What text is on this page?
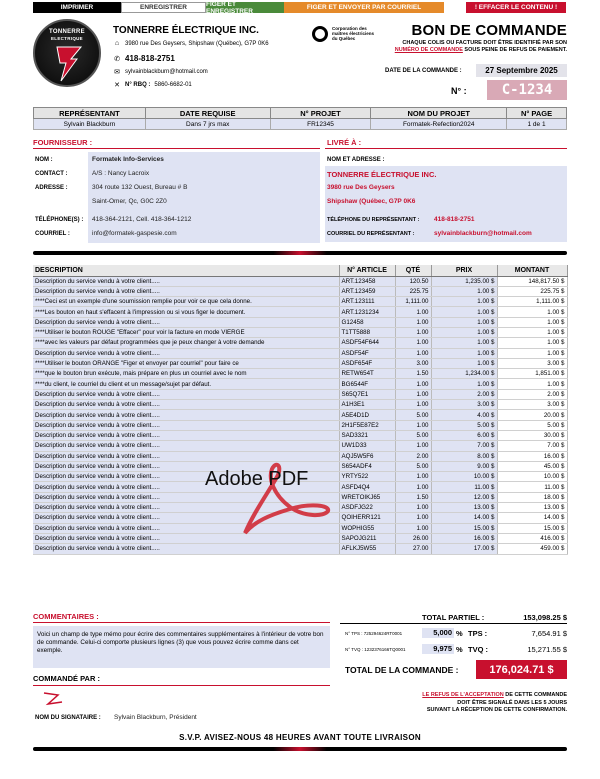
IMPRIMER	ENREGISTRER	FIGER ET ENREGISTRER	FIGER ET ENVOYER PAR COURRIEL	! EFFACER LE CONTENU !
TONNERRE
ELECTRIQUE
TONNERRE ÉLECTRIQUE INC.
⌂ 3980 rue Des Geysers, Shipshaw (Québec), G7P 0K6
✆ 418-818-2751
✉ sylvainblackburn@hotmail.com
✕ N° RBQ : 5860-6682-01
Corporation des maîtres électriciens du Québec	BON DE COMMANDE
CHAQUE COLIS OU FACTURE DOIT ÊTRE IDENTIFIÉ PAR SON
NUMÉRO DE COMMANDE SOUS PEINE DE REFUS DE PAIEMENT.
DATE DE LA COMMANDE :	27 Septembre 2025
N° :	C-1234
REPRÉSENTANT	DATE REQUISE	N° PROJET	NOM DU PROJET	N° PAGE
Sylvain Blackburn	Dans 7 jrs max	FR12345	Formatek-Refection2024	1 de 1
FOURNISSEUR :	LIVRÉ À :
NOM :	Formatek Info-Services
CONTACT :	A/S : Nancy Lacroix
ADRESSE :	304 route 132 Ouest, Bureau # B
Saint-Omer, Qc, G0C 2Z0
TÉLÉPHONE(S) : 418-364-2121, Cell. 418-364-1212
COURRIEL :	info@formatek-gaspesie.com
NOM ET ADRESSE :
TONNERRE ÉLECTRIQUE INC.
3980 rue Des Geysers
Shipshaw (Québec, G7P 0K6
TÉLÉPHONE DU REPRÉSENTANT : 418-818-2751
COURRIEL DU REPRÉSENTANT :	sylvainblackburn@hotmail.com
DESCRIPTION	N° ARTICLE	QTÉ	PRIX	MONTANT
Description du service vendu à votre client.....	ART.123458	120.50	1,235.00 $	148,817.50 $
Description du service vendu à votre client.....	ART.123459	225.75	1.00 $	225.75 $
****Ceci est un exemple d'une soumission remplie pour voir ce que cela donne.	ART.123111	1,111.00	1.00 $	1,111.00 $
****Les bouton en haut s'effacent à l'impression ou si vous figer le document.	ART.1231234	1.00	1.00 $	1.00 $
Description du service vendu à votre client.....	G12458	1.00	1.00 $	1.00 $
****Utiliser le bouton ROUGE "Effacer" pour voir la facture en mode VIERGE	T1TT5888	1.00	1.00 $	1.00 $
****avec les valeurs par défaut programmées que je peux changer à votre demande	ASDF54F644	1.00	1.00 $	1.00 $
Description du service vendu à votre client.....	ASDF54F	1.00	1.00 $	1.00 $
****Utiliser le bouton ORANGE "Figer et envoyer par courriel" pour faire ce	ASDF654F	3.00	1.00 $	3.00 $
****que le bouton brun exécute, mais prépare en plus un courriel avec le nom	RETW654T	1.50	1,234.00 $	1,851.00 $
****du client, le courriel du client et un message/sujet par défaut.	BG6544F	1.00	1.00 $	1.00 $
Description du service vendu à votre client.....	S65Q7E1	1.00	2.00 $	2.00 $
Description du service vendu à votre client.....	A1H3E1	1.00	3.00 $	3.00 $
Description du service vendu à votre client.....	A5E4D1D	5.00	4.00 $	20.00 $
Description du service vendu à votre client.....	2H1F5E87E2	1.00	5.00 $	5.00 $
Description du service vendu à votre client.....	SAD3321	5.00	6.00 $	30.00 $
Description du service vendu à votre client.....	UW1D33	1.00	7.00 $	7.00 $
Description du service vendu à votre client.....	AQJ5W5F6	2.00	8.00 $	16.00 $
Description du service vendu à votre client.....	S654ADF4	5.00	9.00 $	45.00 $
Description du service vendu à votre client.....	YRTY522	1.00	10.00 $	10.00 $
Description du service vendu à votre client.....	ASFD4Q4	1.00	11.00 $	11.00 $
Description du service vendu à votre client.....	WRETOIKJ65	1.50	12.00 $	18.00 $
Description du service vendu à votre client.....	ASDFJG22	1.00	13.00 $	13.00 $
Description du service vendu à votre client.....	QOIHERR121	1.00	14.00 $	14.00 $
Description du service vendu à votre client.....	WOPHIG55	1.00	15.00 $	15.00 $
Description du service vendu à votre client.....	SAPOJG211	26.00	16.00 $	416.00 $
Description du service vendu à votre client.....	AFLKJ5W55	27.00	17.00 $	459.00 $
Adobe PDF
COMMENTAIRES :
Voici un champ de type mémo pour écrire des commentaires supplémentaires à l'intérieur de votre bon de commande. Celui-ci comporte plusieurs lignes (3) que vous pouvez écrire comme dans cet exemple.
TOTAL PARTIEL :	153,098.25 $
N° TPS : 725294624RT0001	5,000 % TPS :	7,654.91 $
N° TVQ : 1232376166TQ0001	9,975 % TVQ :	15,271.55 $
TOTAL DE LA COMMANDE :	176,024.71 $
COMMANDÉ PAR :
NOM DU SIGNATAIRE : Sylvain Blackburn, Président
LE REFUS DE L'ACCEPTATION DE CETTE COMMANDE
DOIT ÊTRE SIGNALÉ DANS LES 5 JOURS
SUIVANT LA RÉCEPTION DE CETTE CONFIRMATION.
S.V.P. AVISEZ-NOUS 48 HEURES AVANT TOUTE LIVRAISON
